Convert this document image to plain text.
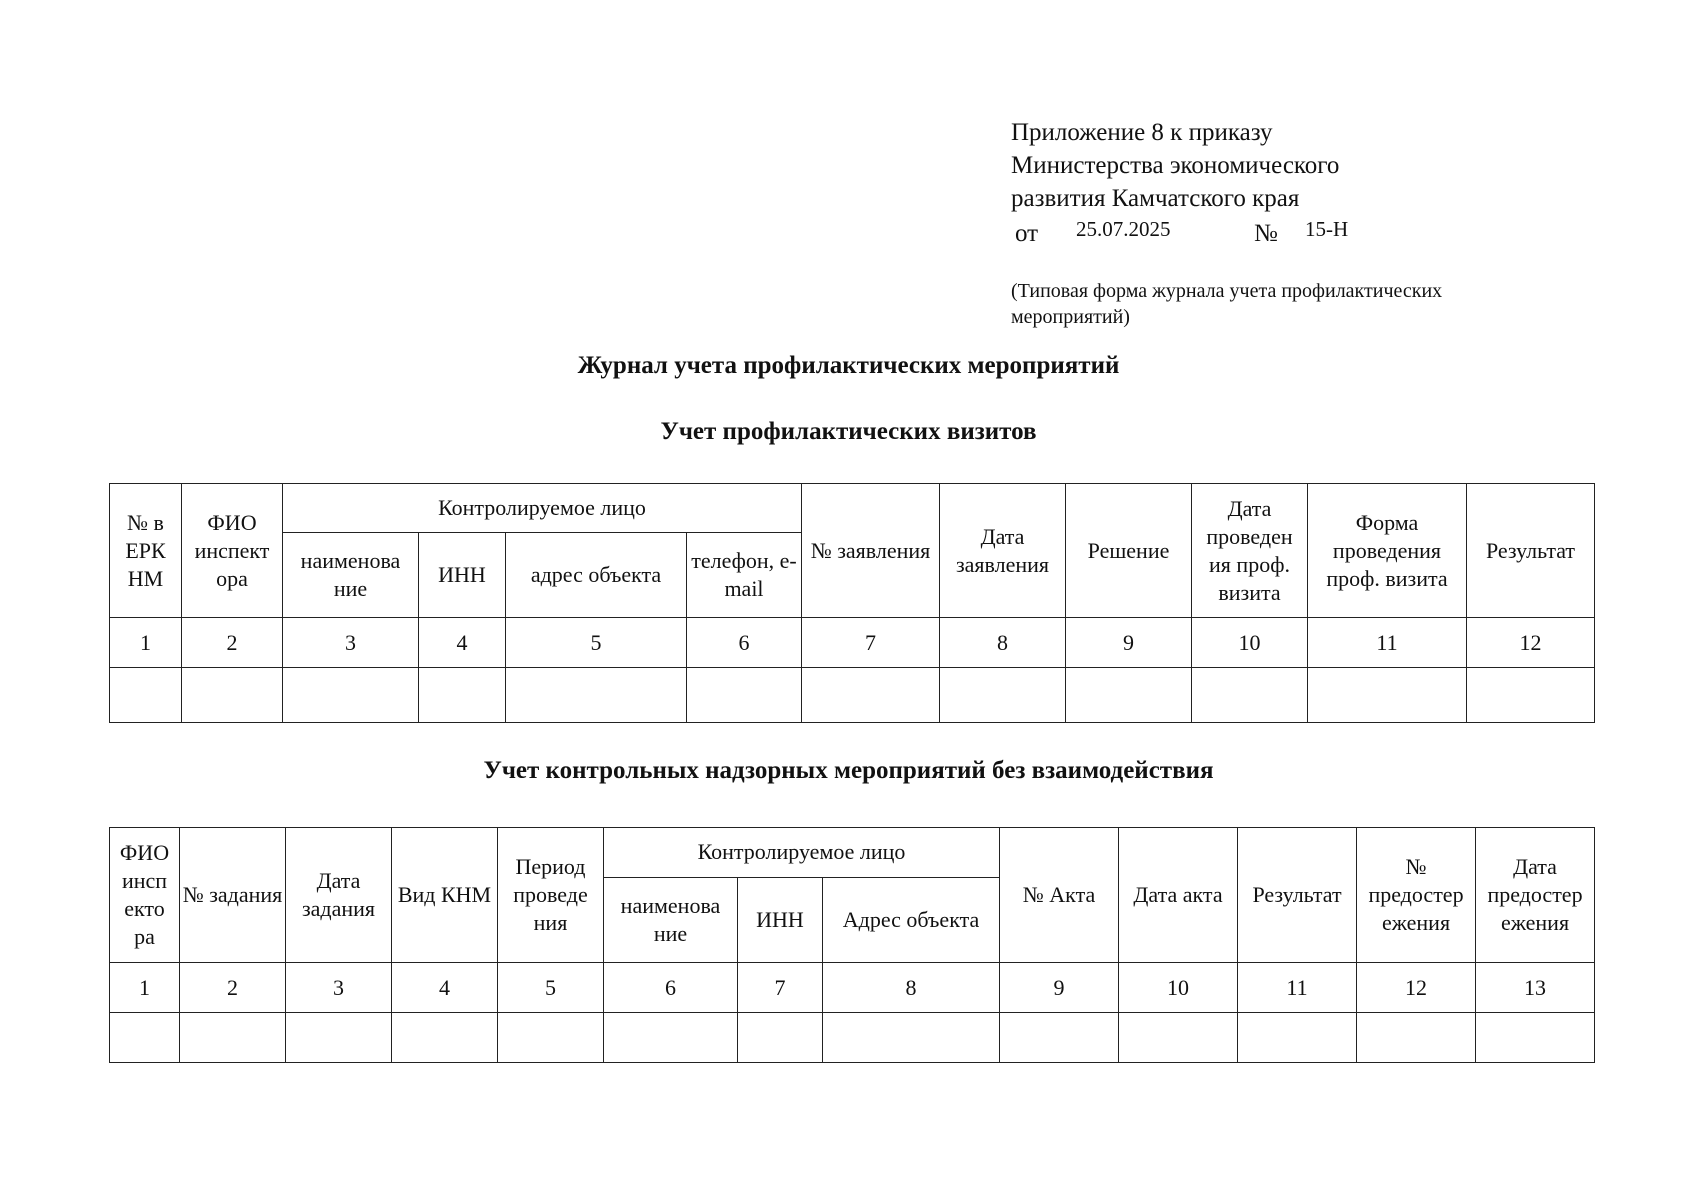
Приложение 8 к приказу
Министерства экономического
развития Камчатского края
от 25.07.2025	№ 15-Н
(Типовая форма журнала учета профилактических мероприятий)
Журнал учета профилактических мероприятий
Учет профилактических визитов
№ в ЕРК НМ	ФИО инспект ора	Контролируемое лицо				№ заявления	Дата заявления	Решение	Дата проведен ия проф. визита	Форма проведения проф. визита	Результат
		наименова ние	ИНН	адрес объекта	телефон, e-mail						
1	2	3	4	5	6	7	8	9	10	11	12

Учет контрольных надзорных мероприятий без взаимодействия
ФИО инсп екто ра	№ задания	Дата задания	Вид КНМ	Период проведе ния	Контролируемое лицо			№ Акта	Дата акта	Результат	№ предостер ежения	Дата предостер ежения
					наименова ние	ИНН	Адрес объекта					
1	2	3	4	5	6	7	8	9	10	11	12	13
